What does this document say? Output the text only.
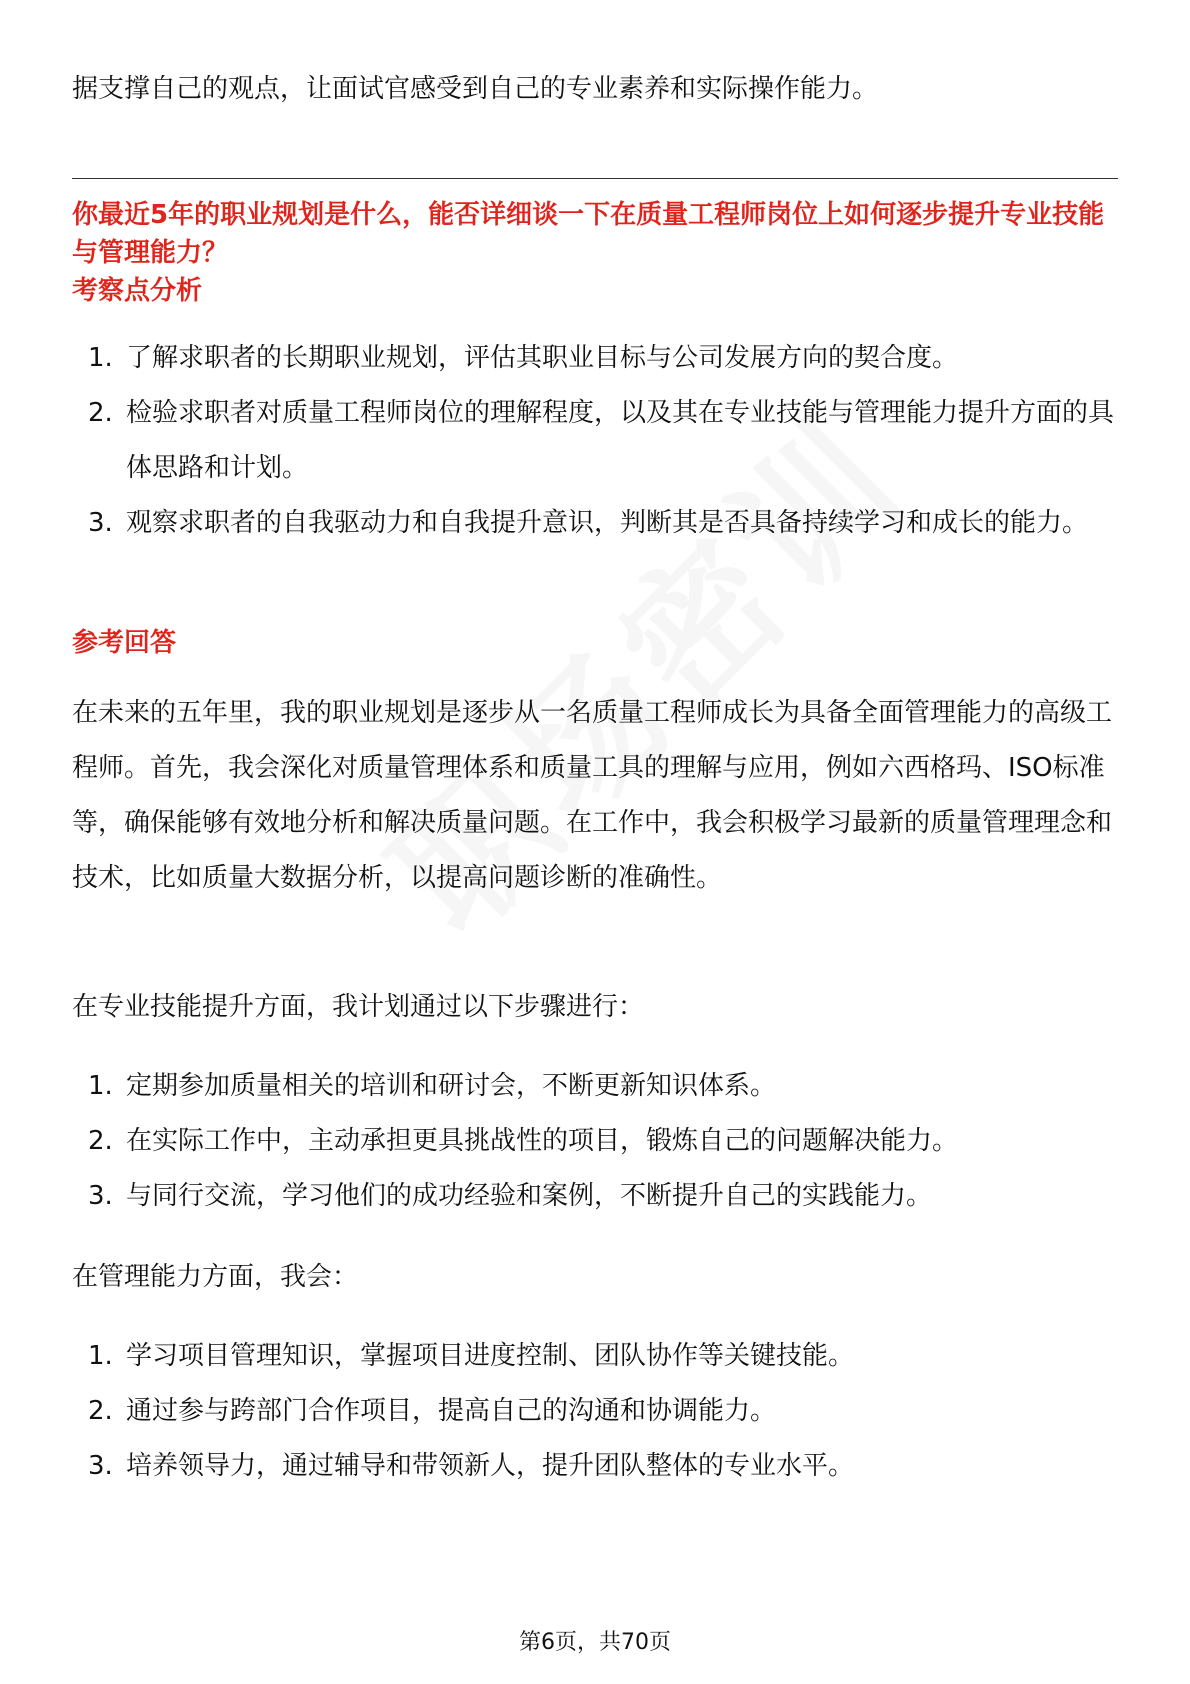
据支撑自己的观点，让面试官感受到自己的专业素养和实际操作能力。

你最近5年的职业规划是什么，能否详细谈一下在质量工程师岗位上如何逐步提升专业技能与管理能力？

考察点分析

1. 了解求职者的长期职业规划，评估其职业目标与公司发展方向的契合度。
2. 检验求职者对质量工程师岗位的理解程度，以及其在专业技能与管理能力提升方面的具体思路和计划。
3. 观察求职者的自我驱动力和自我提升意识，判断其是否具备持续学习和成长的能力。

参考回答

在未来的五年里，我的职业规划是逐步从一名质量工程师成长为具备全面管理能力的高级工程师。首先，我会深化对质量管理体系和质量工具的理解与应用，例如六西格玛、ISO标准等，确保能够有效地分析和解决质量问题。在工作中，我会积极学习最新的质量管理理念和技术，比如质量大数据分析，以提高问题诊断的准确性。

在专业技能提升方面，我计划通过以下步骤进行：

1. 定期参加质量相关的培训和研讨会，不断更新知识体系。
2. 在实际工作中，主动承担更具挑战性的项目，锻炼自己的问题解决能力。
3. 与同行交流，学习他们的成功经验和案例，不断提升自己的实践能力。

在管理能力方面，我会：

1. 学习项目管理知识，掌握项目进度控制、团队协作等关键技能。
2. 通过参与跨部门合作项目，提高自己的沟通和协调能力。
3. 培养领导力，通过辅导和带领新人，提升团队整体的专业水平。
第6页，共70页
